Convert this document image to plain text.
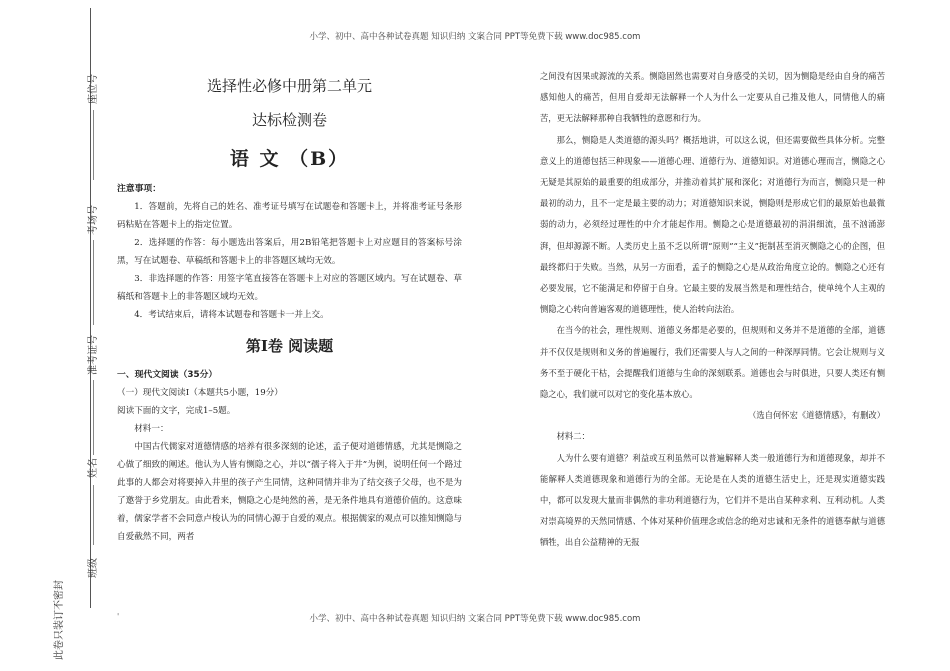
小学、初中、高中各种试卷真题 知识归纳 文案合同 PPT等免费下载 www.doc985.com
座位号
考场号
准考证号
姓名
班级
此卷只装订不密封

选择性必修中册第二单元

达标检测卷

语 文 （B）

注意事项：

1．答题前，先将自己的姓名、准考证号填写在试题卷和答题卡上，并将准考证号条形码粘贴在答题卡上的指定位置。

2．选择题的作答：每小题选出答案后，用2B铅笔把答题卡上对应题目的答案标号涂黑，写在试题卷、草稿纸和答题卡上的非答题区域均无效。

3．非选择题的作答：用签字笔直接答在答题卡上对应的答题区域内。写在试题卷、草稿纸和答题卡上的非答题区域均无效。

4．考试结束后，请将本试题卷和答题卡一并上交。

第Ⅰ卷 阅读题

一、现代文阅读（35分）

（一）现代文阅读Ⅰ（本题共5小题，19分）

阅读下面的文字，完成1–5题。

材料一：

中国古代儒家对道德情感的培养有很多深刻的论述，孟子便对道德情感，尤其是恻隐之心做了细致的阐述。他认为人皆有恻隐之心，并以“孺子将入于井”为例，说明任何一个路过此事的人都会对将要掉入井里的孩子产生同情，这种同情并非为了结交孩子父母，也不是为了邀誉于乡党朋友。由此看来，恻隐之心是纯然的善，是无条件地具有道德价值的。这意味着，儒家学者不会同意卢梭认为的同情心源于自爱的观点。根据儒家的观点可以推知恻隐与自爱截然不同，两者

之间没有因果或源流的关系。恻隐固然也需要对自身感受的关切，因为恻隐是经由自身的痛苦感知他人的痛苦，但用自爱却无法解释一个人为什么一定要从自己推及他人，同情他人的痛苦，更无法解释那种自我牺牲的意愿和行为。

那么，恻隐是人类道德的源头吗？概括地讲，可以这么说，但还需要做些具体分析。完整意义上的道德包括三种现象——道德心理、道德行为、道德知识。对道德心理而言，恻隐之心无疑是其原始的最重要的组成部分，并推动着其扩展和深化；对道德行为而言，恻隐只是一种最初的动力，且不一定是最主要的动力；对道德知识来说，恻隐则是形成它们的最原始也最微弱的动力，必须经过理性的中介才能起作用。恻隐之心是道德最初的涓涓细流，虽不汹涌澎湃，但却源源不断。人类历史上虽不乏以所谓“原则”“主义”扼制甚至消灭恻隐之心的企图，但最终都归于失败。当然，从另一方面看，孟子的恻隐之心是从政治角度立论的。恻隐之心还有必要发展，它不能满足和停留于自身。它最主要的发展当然是和理性结合，使单纯个人主观的恻隐之心转向普遍客观的道德理性，使人治转向法治。

在当今的社会，理性规则、道德义务都是必要的，但规则和义务并不是道德的全部，道德并不仅仅是规则和义务的普遍履行，我们还需要人与人之间的一种深厚同情。它会让规则与义务不至于硬化干枯，会提醒我们道德与生命的深刻联系。道德也会与时俱进，只要人类还有恻隐之心，我们就可以对它的变化基本放心。

（选自何怀宏《道德情感》，有删改）

材料二：

人为什么要有道德？利益或互利虽然可以普遍解释人类一般道德行为和道德现象，却并不能解释人类道德现象和道德行为的全部。无论是在人类的道德生活史上，还是现实道德实践中，都可以发现大量而非偶然的非功利道德行为，它们并不是出自某种求利、互利动机。人类对崇高境界的天然同情感、个体对某种价值理念或信念的绝对忠诚和无条件的道德奉献与道德牺牲，出自公益精神的无报

'	小学、初中、高中各种试卷真题 知识归纳 文案合同 PPT等免费下载 www.doc985.com
